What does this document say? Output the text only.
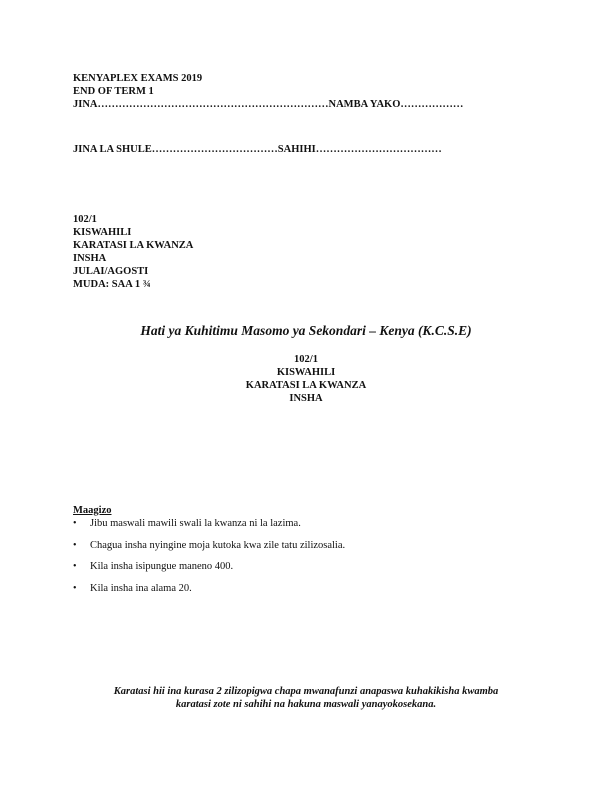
KENYAPLEX EXAMS 2019
END OF TERM 1
JINA…………………………………………………………NAMBA YAKO………………
JINA LA SHULE………………………………SAHIHI………………………………
102/1
KISWAHILI
KARATASI LA KWANZA
INSHA
JULAI/AGOSTI
MUDA: SAA 1 ¾
Hati ya Kuhitimu Masomo ya Sekondari – Kenya (K.C.S.E)
102/1
KISWAHILI
KARATASI LA KWANZA
INSHA
Maagizo
• Jibu maswali mawili swali la kwanza ni la lazima.
• Chagua insha nyingine moja kutoka kwa zile tatu zilizosalia.
• Kila insha isipungue maneno 400.
• Kila insha ina alama 20.
Karatasi hii ina kurasa 2 zilizopigwa chapa mwanafunzi anapaswa kuhakikisha kwamba
karatasi zote ni sahihi na hakuna maswali yanayokosekana.
